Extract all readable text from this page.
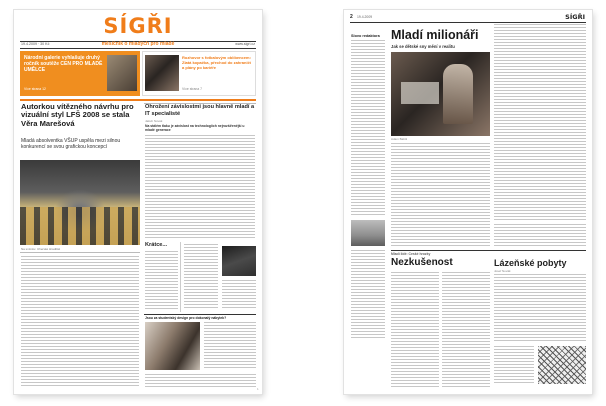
SÍGŘI
19.4.2009 · 30 Kč	měsíčník o mladých pro mladé	www.sigri.cz
Národní galerie vyhlašuje druhý ročník soutěže CEN PRO MLADÉ UMĚLCE
Více strana 12
Rozhovor s fotbalovým oblíbencem: Zlatá kopačka, přechod do zahraničí a plány po kariéře
Více strana 7
Autorkou vítězného návrhu pro vizuální styl LFŠ 2008 se stala Věra Marešová
Mladá absolventka VŠUP uspěla mezi silnou konkurencí se svou grafickou koncepcí
Na snímku: Uherské Hradiště
Ohrožení závislostmi jsou hlavně mladí a IT specialisté
Jakub Novák
Na stálém tlaku je závislost na technologiích nejrozšířenější u mladé generace
Krátce...
Jsou za studentský design pro dokonalý nábytek?
1
2 19.4.2009	SÍGŘI
Slovo redaktora Mladí milionáři
Jak se dětské sny mění v realitu
Adam Babiš
Mladí lidé: Ceské hrozky
Nezkušenost	Lázeňské pobyty
Josef Novák
